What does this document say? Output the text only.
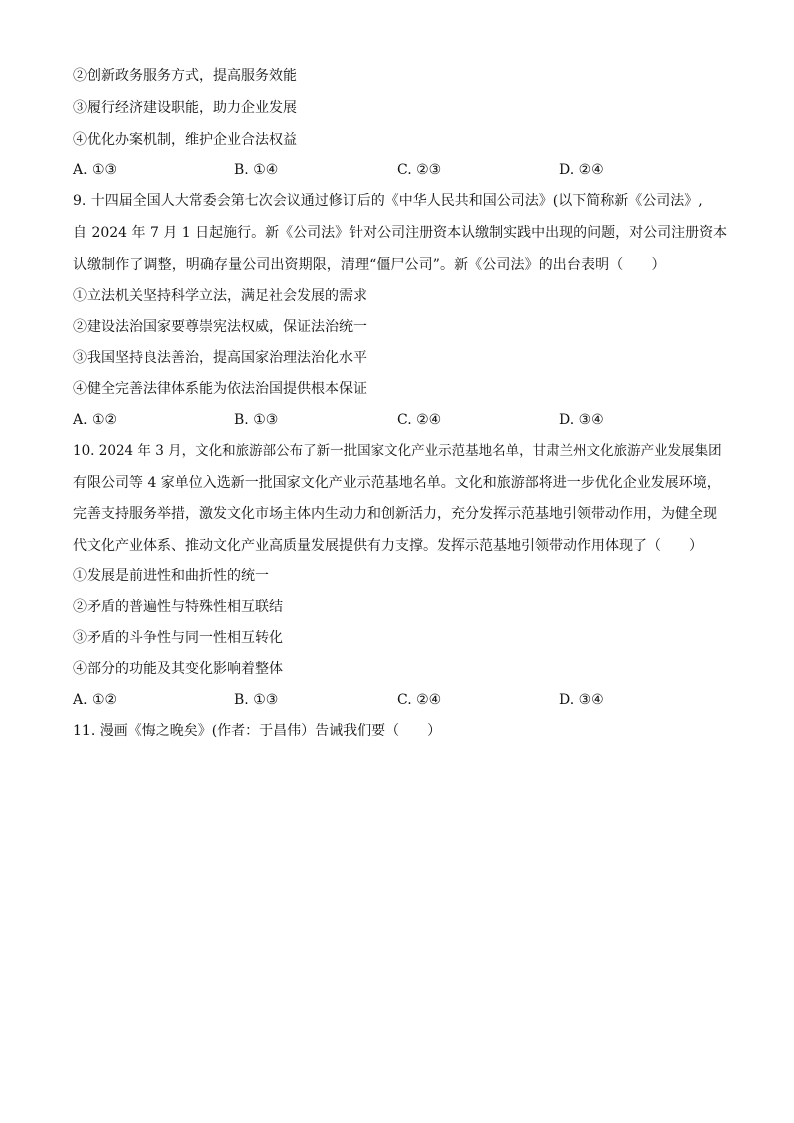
②创新政务服务方式，提高服务效能
③履行经济建设职能，助力企业发展
④优化办案机制，维护企业合法权益
A. ①③	B. ①④	C. ②③	D. ②④
9. 十四届全国人大常委会第七次会议通过修订后的《中华人民共和国公司法》(以下简称新《公司法》,
自 2024 年 7 月 1 日起施行。新《公司法》针对公司注册资本认缴制实践中出现的问题，对公司注册资本
认缴制作了调整，明确存量公司出资期限，清理“僵尸公司”。新《公司法》的出台表明（　　）
①立法机关坚持科学立法，满足社会发展的需求
②建设法治国家要尊崇宪法权威，保证法治统一
③我国坚持良法善治，提高国家治理法治化水平
④健全完善法律体系能为依法治国提供根本保证
A. ①②	B. ①③	C. ②④	D. ③④
10. 2024 年 3 月，文化和旅游部公布了新一批国家文化产业示范基地名单，甘肃兰州文化旅游产业发展集团
有限公司等 4 家单位入选新一批国家文化产业示范基地名单。文化和旅游部将进一步优化企业发展环境，
完善支持服务举措，激发文化市场主体内生动力和创新活力，充分发挥示范基地引领带动作用，为健全现
代文化产业体系、推动文化产业高质量发展提供有力支撑。发挥示范基地引领带动作用体现了（　　）
①发展是前进性和曲折性的统一
②矛盾的普遍性与特殊性相互联结
③矛盾的斗争性与同一性相互转化
④部分的功能及其变化影响着整体
A. ①②	B. ①③	C. ②④	D. ③④
11. 漫画《悔之晚矣》(作者：于昌伟）告诫我们要（　　）
